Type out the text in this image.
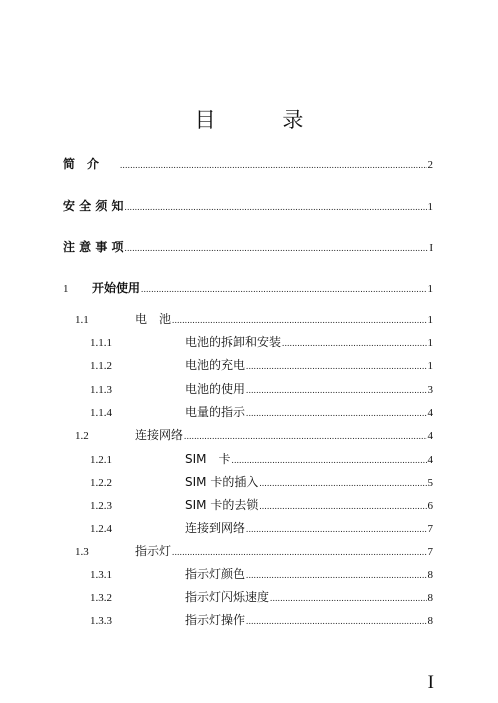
目 录
简　介 .....	2
安 全 须 知 .....	1
注 意 事 项 .....	I
1	开始使用 .....	1
1.1	电　池 .....	1
1.1.1	电池的拆卸和安装 .....	1
1.1.2	电池的充电 .....	1
1.1.3	电池的使用 .....	3
1.1.4	电量的指示 .....	4
1.2	连接网络 .....	4
1.2.1	SIM　卡 .....	4
1.2.2	SIM 卡的插入 .....	5
1.2.3	SIM 卡的去锁 .....	6
1.2.4	连接到网络 .....	7
1.3	指示灯 .....	7
1.3.1	指示灯颜色 .....	8
1.3.2	指示灯闪烁速度 .....	8
1.3.3	指示灯操作 .....	8
I
